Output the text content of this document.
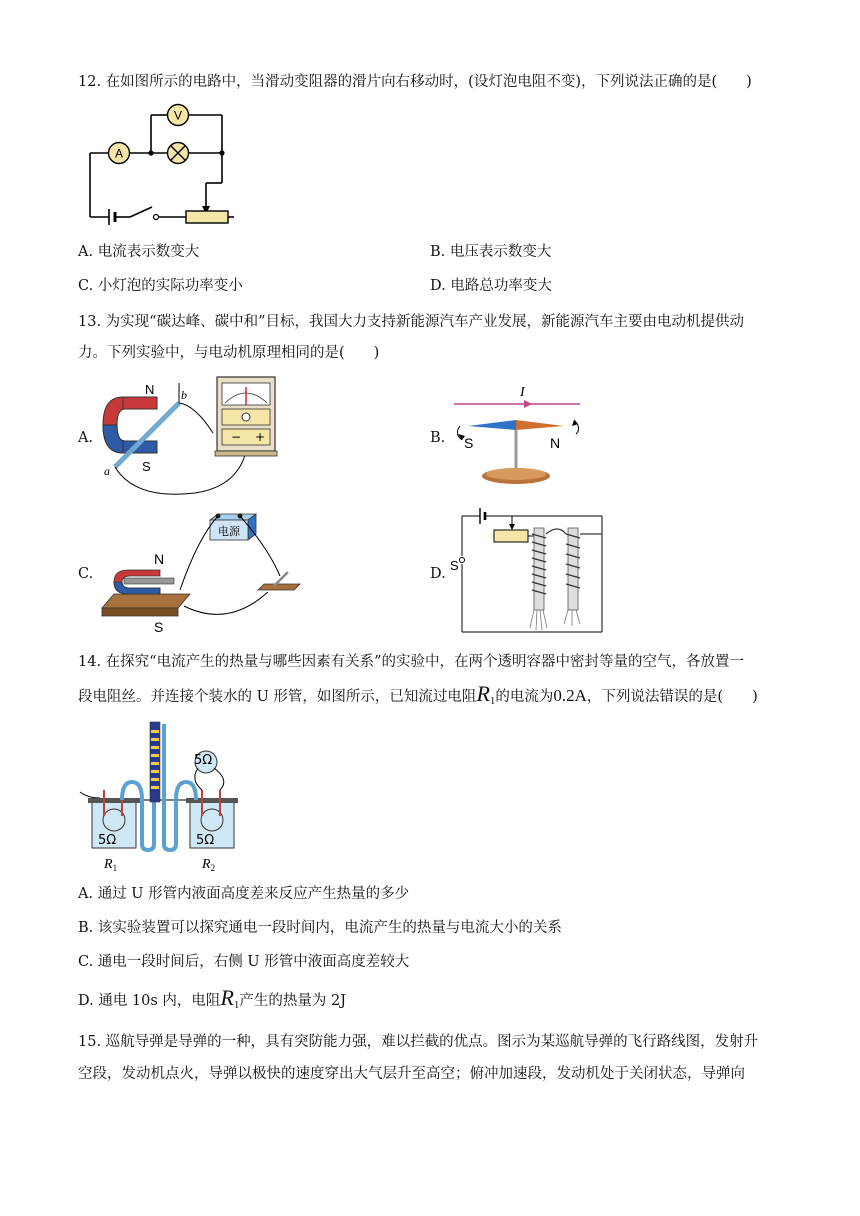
12. 在如图所示的电路中，当滑动变阻器的滑片向右移动时，(设灯泡电阻不变)，下列说法正确的是(　　)
A
V
A. 电流表示数变大	B. 电压表示数变大
C. 小灯泡的实际功率变小	D. 电路总功率变大
13. 为实现“碳达峰、碳中和”目标，我国大力支持新能源汽车产业发展，新能源汽车主要由电动机提供动
力。下列实验中，与电动机原理相同的是(　　)
A.	− +
N
S
a
b
B.
I
S	N
C.
电源
N
S
D.
S
14. 在探究“电流产生的热量与哪些因素有关系”的实验中，在两个透明容器中密封等量的空气，各放置一
段电阻丝。并连接个装水的 U 形管，如图所示，已知流过电阻$R_1$的电流为0.2A，下列说法错误的是(　　)
5Ω
5Ω	5Ω
$R_1$	$R_2$
A. 通过 U 形管内液面高度差来反应产生热量的多少
B. 该实验装置可以探究通电一段时间内，电流产生的热量与电流大小的关系
C. 通电一段时间后，右侧 U 形管中液面高度差较大
D. 通电 10s 内，电阻$R_1$产生的热量为 2J
15. 巡航导弹是导弹的一种，具有突防能力强，难以拦截的优点。图示为某巡航导弹的飞行路线图，发射升
空段，发动机点火，导弹以极快的速度穿出大气层升至高空；俯冲加速段，发动机处于关闭状态，导弹向
